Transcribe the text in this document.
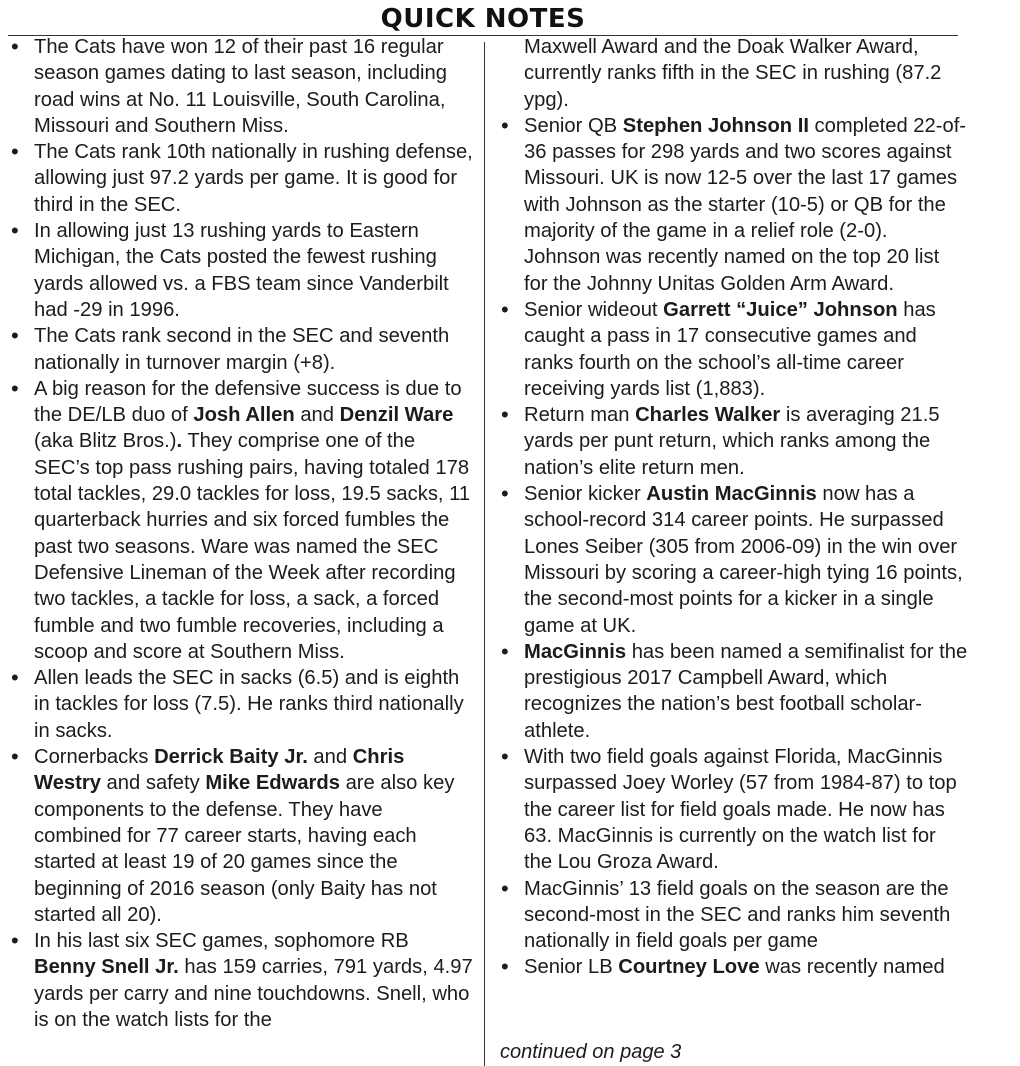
QUICK NOTES
• The Cats have won 12 of their past 16 regular season games dating to last season, including road wins at No. 11 Louisville, South Carolina, Missouri and Southern Miss.
• The Cats rank 10th nationally in rushing defense, allowing just 97.2 yards per game. It is good for third in the SEC.
• In allowing just 13 rushing yards to Eastern Michigan, the Cats posted the fewest rushing yards allowed vs. a FBS team since Vanderbilt had -29 in 1996.
• The Cats rank second in the SEC and seventh nationally in turnover margin (+8).
• A big reason for the defensive success is due to the DE/LB duo of Josh Allen and Denzil Ware (aka Blitz Bros.). They comprise one of the SEC’s top pass rushing pairs, having totaled 178 total tackles, 29.0 tackles for loss, 19.5 sacks, 11 quarterback hurries and six forced fumbles the past two seasons. Ware was named the SEC Defensive Lineman of the Week after recording two tackles, a tackle for loss, a sack, a forced fumble and two fumble recoveries, including a scoop and score at Southern Miss.
• Allen leads the SEC in sacks (6.5) and is eighth in tackles for loss (7.5). He ranks third nationally in sacks.
• Cornerbacks Derrick Baity Jr. and Chris Westry and safety Mike Edwards are also key components to the defense. They have combined for 77 career starts, having each started at least 19 of 20 games since the beginning of 2016 season (only Baity has not started all 20).
• In his last six SEC games, sophomore RB Benny Snell Jr. has 159 carries, 791 yards, 4.97 yards per carry and nine touchdowns. Snell, who is on the watch lists for the

Maxwell Award and the Doak Walker Award, currently ranks fifth in the SEC in rushing (87.2 ypg).

• Senior QB Stephen Johnson II completed 22-of-36 passes for 298 yards and two scores against Missouri. UK is now 12-5 over the last 17 games with Johnson as the starter (10-5) or QB for the majority of the game in a relief role (2-0). Johnson was recently named on the top 20 list for the Johnny Unitas Golden Arm Award.
• Senior wideout Garrett “Juice” Johnson has caught a pass in 17 consecutive games and ranks fourth on the school’s all-time career receiving yards list (1,883).
• Return man Charles Walker is averaging 21.5 yards per punt return, which ranks among the nation’s elite return men.
• Senior kicker Austin MacGinnis now has a school-record 314 career points. He surpassed Lones Seiber (305 from 2006-09) in the win over Missouri by scoring a career-high tying 16 points, the second-most points for a kicker in a single game at UK.
• MacGinnis has been named a semifinalist for the prestigious 2017 Campbell Award, which recognizes the nation’s best football scholar-athlete.
• With two field goals against Florida, MacGinnis surpassed Joey Worley (57 from 1984-87) to top the career list for field goals made. He now has 63. MacGinnis is currently on the watch list for the Lou Groza Award.
• MacGinnis’ 13 field goals on the season are the second-most in the SEC and ranks him seventh nationally in field goals per game
• Senior LB Courtney Love was recently named
continued on page 3
